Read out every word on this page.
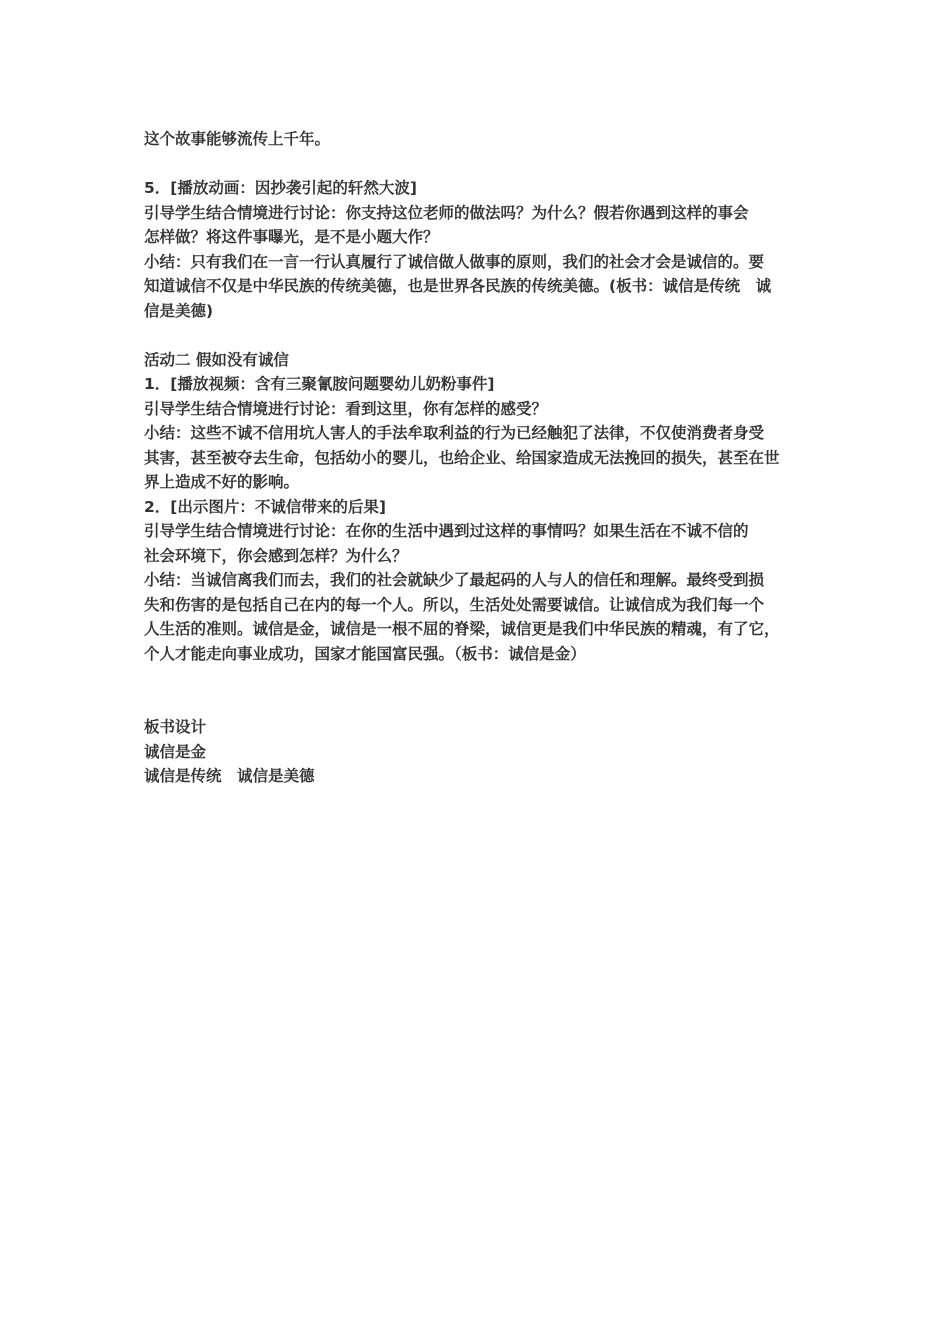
这个故事能够流传上千年。
5．[播放动画：因抄袭引起的轩然大波]
引导学生结合情境进行讨论：你支持这位老师的做法吗？为什么？假若你遇到这样的事会
怎样做？将这件事曝光，是不是小题大作？
小结：只有我们在一言一行认真履行了诚信做人做事的原则，我们的社会才会是诚信的。要
知道诚信不仅是中华民族的传统美德，也是世界各民族的传统美德。(板书：诚信是传统　诚
信是美德)
活动二 假如没有诚信
1．[播放视频：含有三聚氰胺问题婴幼儿奶粉事件]
引导学生结合情境进行讨论：看到这里，你有怎样的感受？
小结：这些不诚不信用坑人害人的手法牟取利益的行为已经触犯了法律，不仅使消费者身受
其害，甚至被夺去生命，包括幼小的婴儿，也给企业、给国家造成无法挽回的损失，甚至在世
界上造成不好的影响。
2．[出示图片：不诚信带来的后果]
引导学生结合情境进行讨论：在你的生活中遇到过这样的事情吗？如果生活在不诚不信的
社会环境下，你会感到怎样？为什么？
小结：当诚信离我们而去，我们的社会就缺少了最起码的人与人的信任和理解。最终受到损
失和伤害的是包括自己在内的每一个人。所以，生活处处需要诚信。让诚信成为我们每一个
人生活的准则。诚信是金，诚信是一根不屈的脊梁，诚信更是我们中华民族的精魂，有了它，
个人才能走向事业成功，国家才能国富民强。（板书：诚信是金）
板书设计
诚信是金
诚信是传统　诚信是美德
